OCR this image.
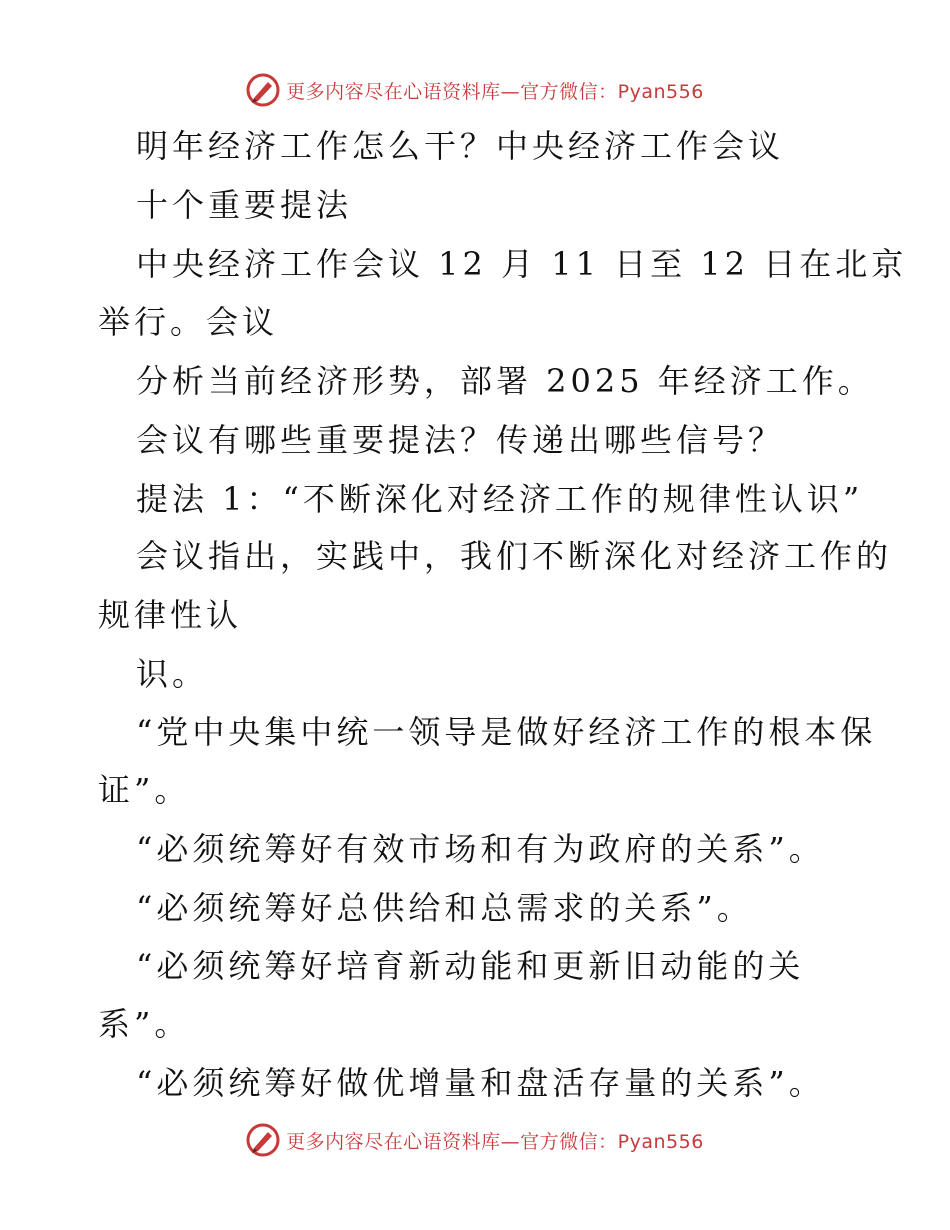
更多内容尽在心语资料库—官方微信：Pyan556
明年经济工作怎么干？中央经济工作会议
十个重要提法
中央经济工作会议 12 月 11 日至 12 日在北京
举行。会议
分析当前经济形势，部署 2025 年经济工作。
会议有哪些重要提法？传递出哪些信号？
提法 1：“不断深化对经济工作的规律性认识”
会议指出，实践中，我们不断深化对经济工作的
规律性认
识。
“党中央集中统一领导是做好经济工作的根本保
证”。
“必须统筹好有效市场和有为政府的关系”。
“必须统筹好总供给和总需求的关系”。
“必须统筹好培育新动能和更新旧动能的关
系”。
“必须统筹好做优增量和盘活存量的关系”。
更多内容尽在心语资料库—官方微信：Pyan556
